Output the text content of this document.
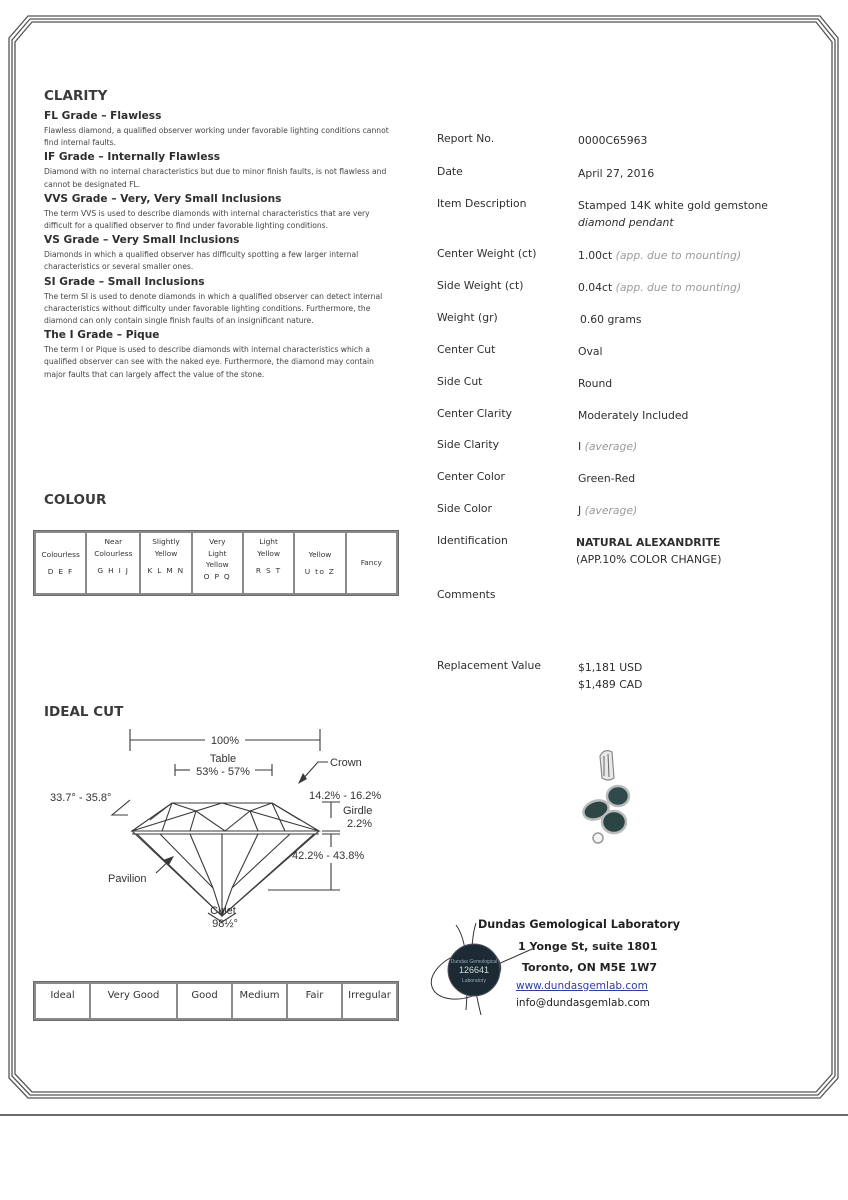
CLARITY

FL Grade – Flawless

Flawless diamond, a qualified observer working under favorable lighting conditions cannot find internal faults.

IF Grade – Internally Flawless

Diamond with no internal characteristics but due to minor finish faults, is not flawless and cannot be designated FL.

VVS Grade – Very, Very Small Inclusions

The term VVS is used to describe diamonds with internal characteristics that are very difficult for a qualified observer to find under favorable lighting conditions.

VS Grade – Very Small Inclusions

Diamonds in which a qualified observer has difficulty spotting a few larger internal characteristics or several smaller ones.

SI Grade – Small Inclusions

The term SI is used to denote diamonds in which a qualified observer can detect internal characteristics without difficulty under favorable lighting conditions. Furthermore, the diamond can only contain single finish faults of an insignificant nature.

The I Grade – Pique

The term I or Pique is used to describe diamonds with internal characteristics which a qualified observer can see with the naked eye. Furthermore, the diamond may contain major faults that can largely affect the value of the stone.

COLOUR
Colourless
D E F
Near Colourless
G H I J
Slightly Yellow
K L M N
Very Light Yellow
O P Q
Light Yellow
R S T
Yellow
U to Z
Fancy
IDEAL CUT
100%
Table
53% - 57%
Crown
33.7° - 35.8°	14.2% - 16.2%
Girdle
2.2%
42.2% - 43.8%
Pavilion
Culet
98½°
Ideal	Very Good	Good	Medium	Fair	Irregular
Report No.	0000C65963
Date	April 27, 2016
Item Description	Stamped 14K white gold gemstone
diamond pendant
Center Weight (ct)	1.00ct (app. due to mounting)
Side Weight (ct)	0.04ct (app. due to mounting)
Weight (gr)	0.60 grams
Center Cut	Oval
Side Cut	Round
Center Clarity	Moderately Included
Side Clarity	I (average)
Center Color	Green-Red
Side Color	J (average)
Identification	NATURAL ALEXANDRITE
(APP.10% COLOR CHANGE)
Comments
Replacement Value	$1,181 USD
$1,489 CAD
Dundas Gemological
126641
Laboratory
Dundas Gemological Laboratory
1 Yonge St, suite 1801
Toronto, ON M5E 1W7
www.dundasgemlab.com
info@dundasgemlab.com
